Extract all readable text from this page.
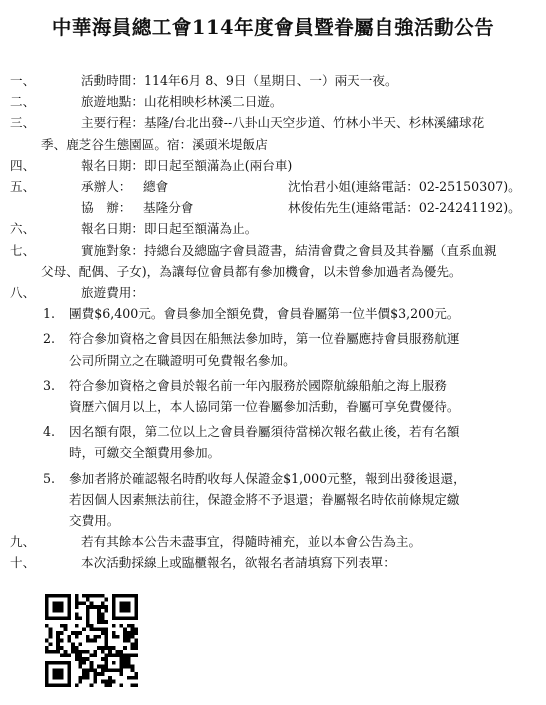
中華海員總工會114年度會員暨眷屬自強活動公告
一、	活動時間：114年6月 8、9日（星期日、一）兩天一夜。
二、	旅遊地點：山花相映杉林溪二日遊。
三、	主要行程：基隆/台北出發--八卦山天空步道、竹林小半天、杉林溪繡球花
季、鹿芝谷生態園區。宿：溪頭米堤飯店
四、	報名日期：即日起至額滿為止(兩台車)
五、	承辦人： 總會	沈怡君小姐(連絡電話：02-25150307)。
協　辦： 基隆分會	林俊佑先生(連絡電話：02-24241192)。
六、	報名日期：即日起至額滿為止。
七、	實施對象：持總台及總臨字會員證書，結清會費之會員及其眷屬（直系血親
父母、配偶、子女)，為讓每位會員都有參加機會，以未曾參加過者為優先。
八、	旅遊費用：
1.	團費$6,400元。會員參加全額免費，會員眷屬第一位半價$3,200元。
2.	符合參加資格之會員因在船無法參加時，第一位眷屬應持會員服務航運
公司所開立之在職證明可免費報名參加。
3.	符合參加資格之會員於報名前一年內服務於國際航線船舶之海上服務
資歷六個月以上，本人協同第一位眷屬參加活動，眷屬可享免費優待。
4.	因名額有限，第二位以上之會員眷屬須待當梯次報名截止後，若有名額
時，可繳交全額費用參加。
5.	參加者將於確認報名時酌收每人保證金$1,000元整，報到出發後退還，
若因個人因素無法前往，保證金將不予退還；眷屬報名時依前條規定繳
交費用。
九、	若有其餘本公告未盡事宜，得隨時補充，並以本會公告為主。
十、	本次活動採線上或臨櫃報名，欲報名者請填寫下列表單：
